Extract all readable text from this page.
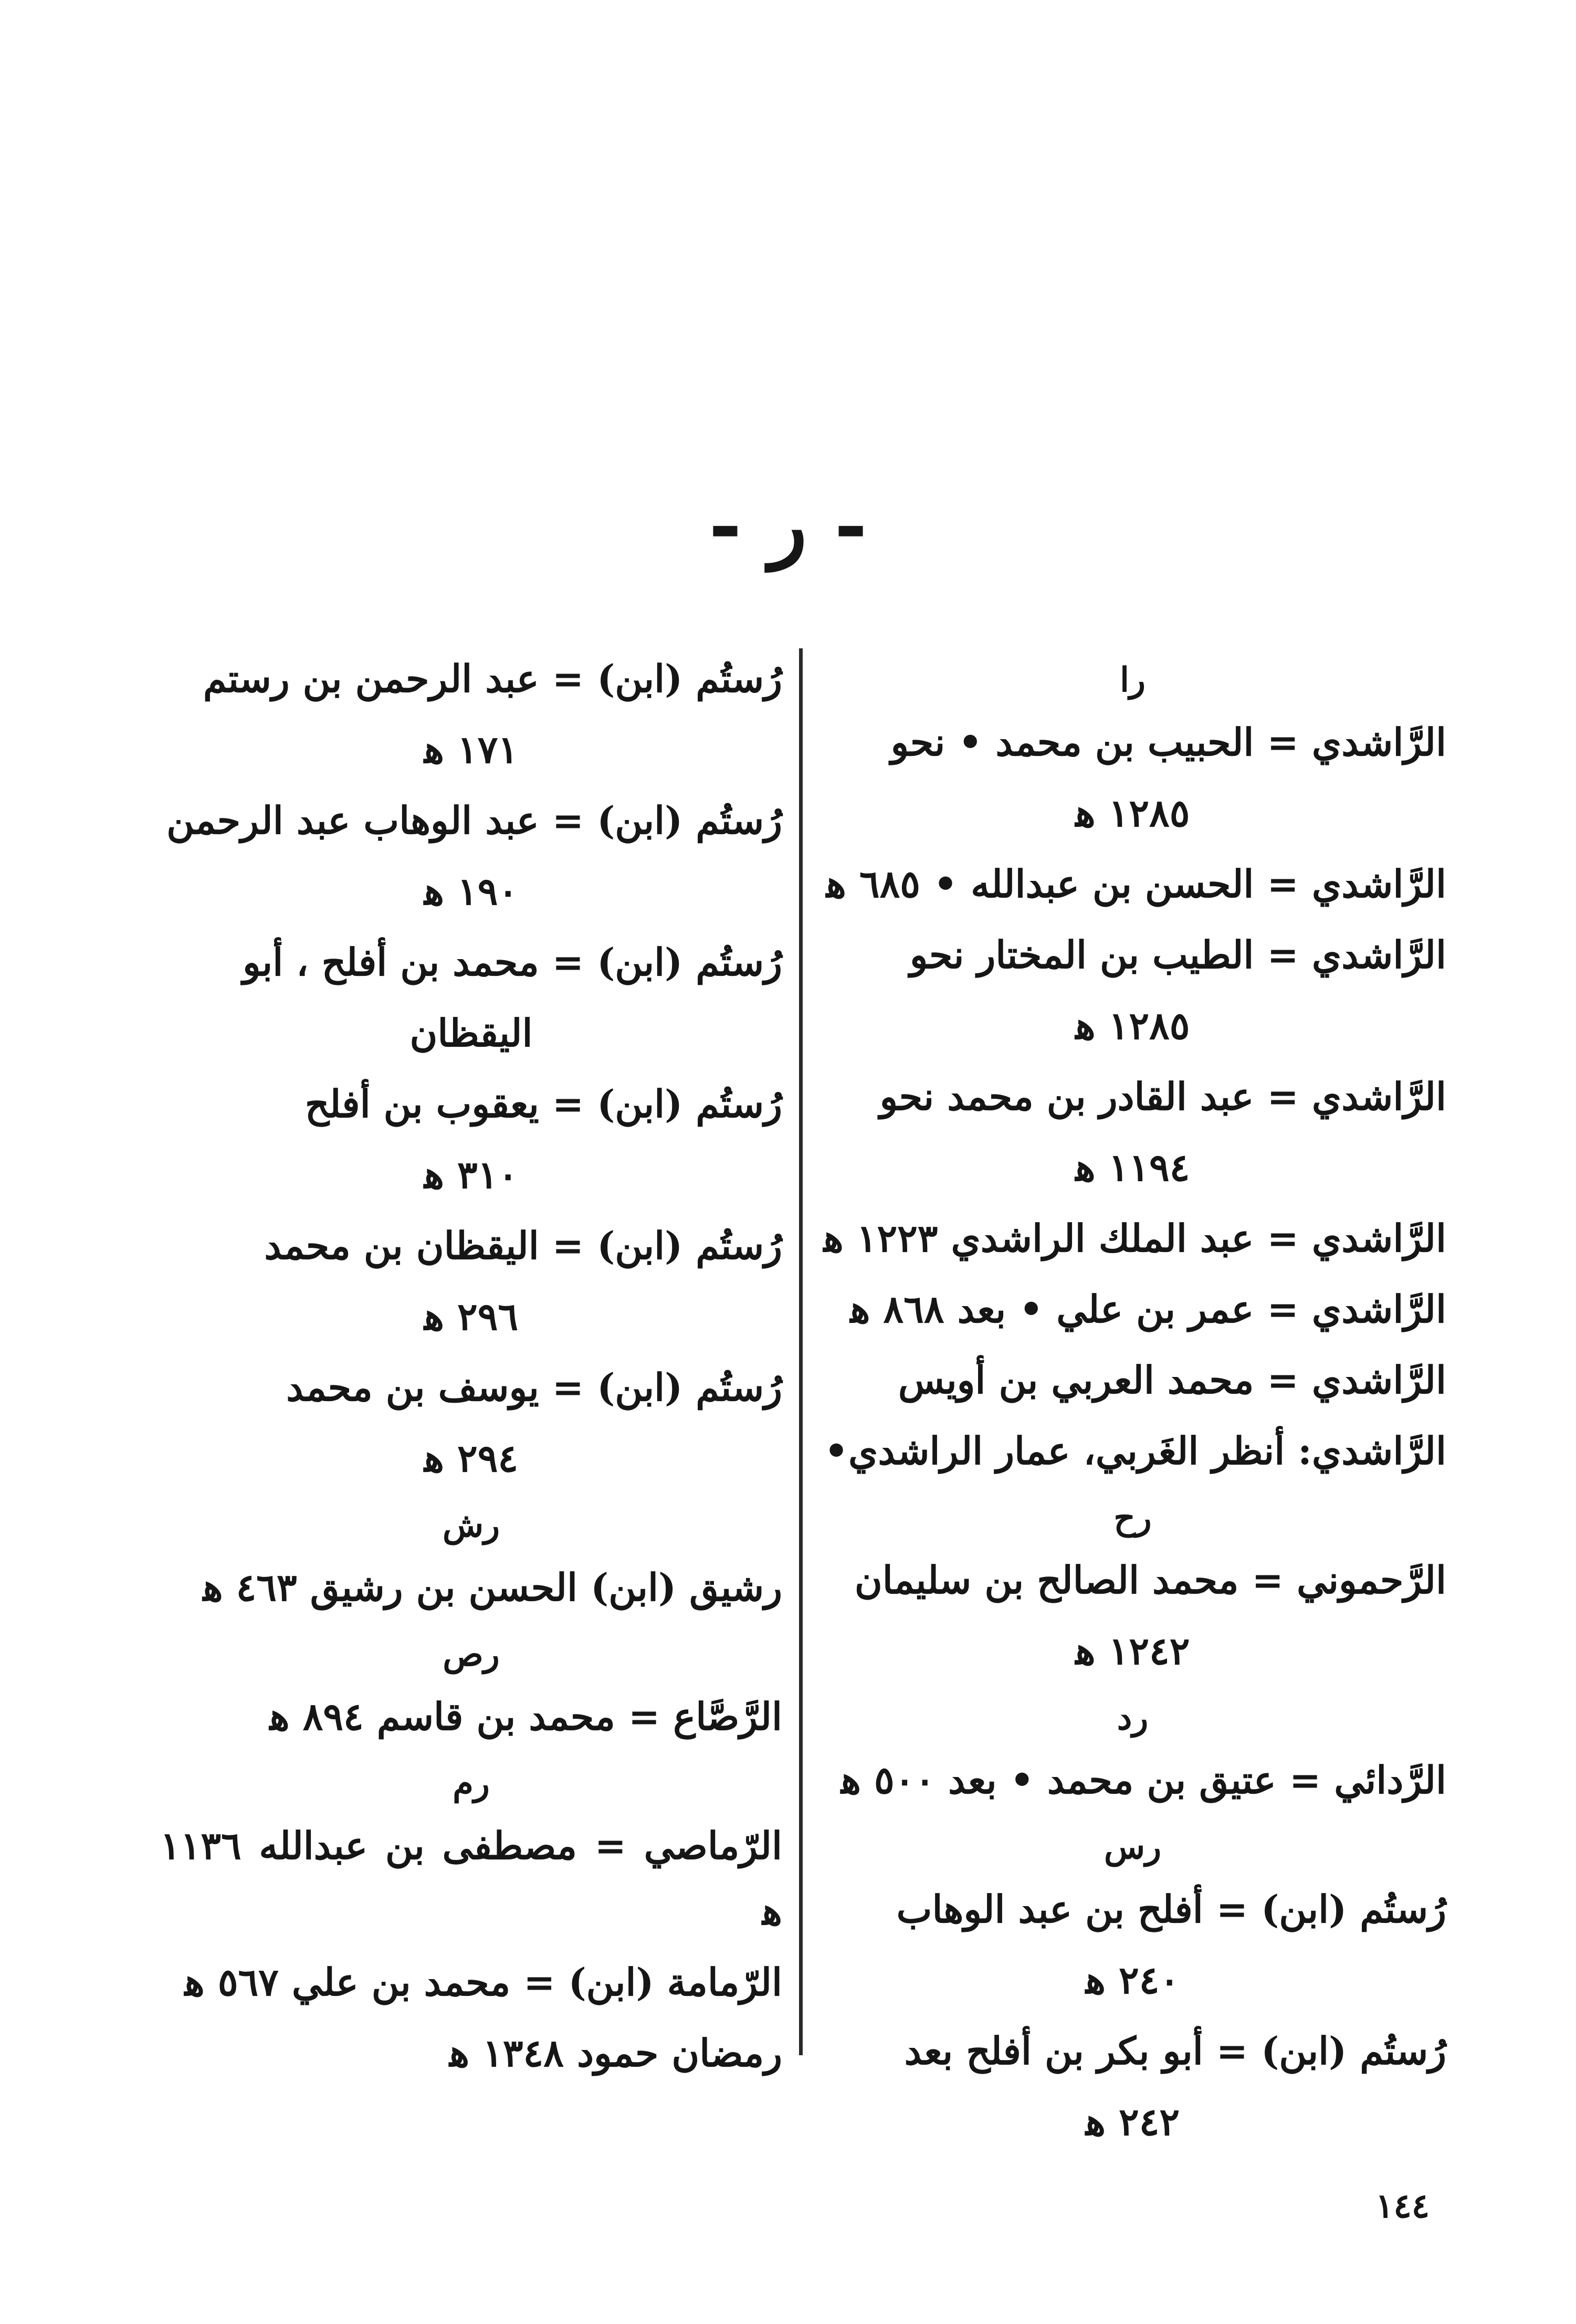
- ر -
را
الرَّاشدي = الحبيب بن محمد • نحو
١٢٨٥ ﻫ
الرَّاشدي = الحسن بن عبدالله • ٦٨٥ ﻫ
الرَّاشدي = الطيب بن المختار نحو
١٢٨٥ ﻫ
الرَّاشدي = عبد القادر بن محمد نحو
١١٩٤ ﻫ
الرَّاشدي = عبد الملك الراشدي ١٢٢٣ ﻫ
الرَّاشدي = عمر بن علي • بعد ٨٦٨ ﻫ
الرَّاشدي = محمد العربي بن أويس
الرَّاشدي: أنظر الغَربي، عمار الراشدي•
رح
الرَّحموني = محمد الصالح بن سليمان
١٢٤٢ ﻫ
رد
الرَّدائي = عتيق بن محمد • بعد ٥٠٠ ﻫ
رس
رُستُم (ابن) = أفلح بن عبد الوهاب
٢٤٠ ﻫ
رُستُم (ابن) = أبو بكر بن أفلح بعد
٢٤٢ ﻫ
رُستُم (ابن) = عبد الرحمن بن رستم
١٧١ ﻫ
رُستُم (ابن) = عبد الوهاب عبد الرحمن
١٩٠ ﻫ
رُستُم (ابن) = محمد بن أفلح ، أبو
اليقظان
رُستُم (ابن) = يعقوب بن أفلح
٣١٠ ﻫ
رُستُم (ابن) = اليقظان بن محمد
٢٩٦ ﻫ
رُستُم (ابن) = يوسف بن محمد
٢٩٤ ﻫ
رش
رشيق (ابن) الحسن بن رشيق ٤٦٣ ﻫ
رص
الرَّصَّاع = محمد بن قاسم ٨٩٤ ﻫ
رم
الرّماصي = مصطفى بن عبدالله ١١٣٦ ﻫ
الرّمامة (ابن) = محمد بن علي ٥٦٧ ﻫ
رمضان حمود ١٣٤٨ ﻫ
١٤٤
